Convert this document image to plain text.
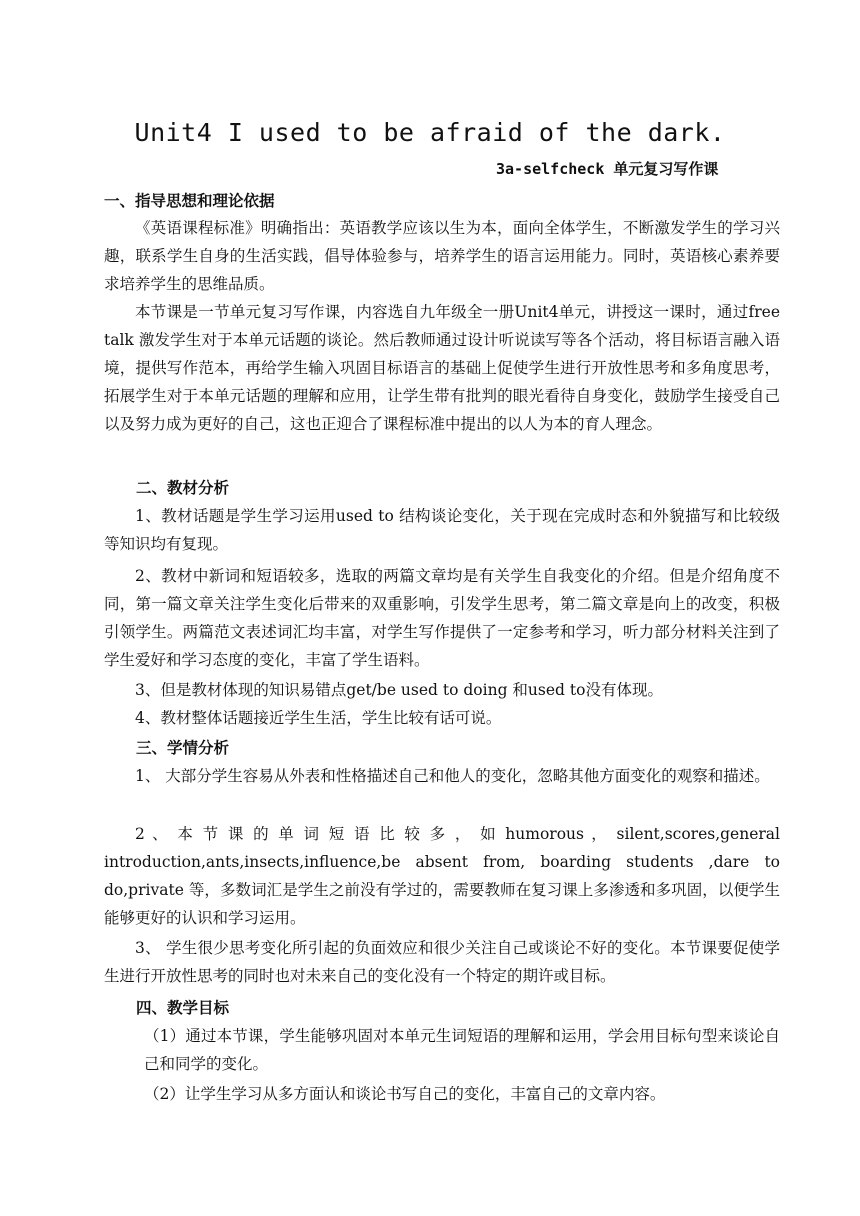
Unit4 I used to be afraid of the dark.
3a-selfcheck 单元复习写作课
一、指导思想和理论依据

《英语课程标准》明确指出：英语教学应该以生为本，面向全体学生，不断激发学生的学习兴趣，联系学生自身的生活实践，倡导体验参与，培养学生的语言运用能力。同时，英语核心素养要求培养学生的思维品质。

本节课是一节单元复习写作课，内容选自九年级全一册Unit4单元，讲授这一课时，通过free talk 激发学生对于本单元话题的谈论。然后教师通过设计听说读写等各个活动，将目标语言融入语境，提供写作范本，再给学生输入巩固目标语言的基础上促使学生进行开放性思考和多角度思考，拓展学生对于本单元话题的理解和应用，让学生带有批判的眼光看待自身变化，鼓励学生接受自己以及努力成为更好的自己，这也正迎合了课程标准中提出的以人为本的育人理念。

二、教材分析

1、教材话题是学生学习运用used to 结构谈论变化，关于现在完成时态和外貌描写和比较级等知识均有复现。

2、教材中新词和短语较多，选取的两篇文章均是有关学生自我变化的介绍。但是介绍角度不同，第一篇文章关注学生变化后带来的双重影响，引发学生思考，第二篇文章是向上的改变，积极引领学生。两篇范文表述词汇均丰富，对学生写作提供了一定参考和学习，听力部分材料关注到了学生爱好和学习态度的变化，丰富了学生语料。

3、但是教材体现的知识易错点get/be used to doing 和used to没有体现。

4、教材整体话题接近学生生活，学生比较有话可说。

三、学情分析

1、 大部分学生容易从外表和性格描述自己和他人的变化，忽略其他方面变化的观察和描述。

2 、 本 节 课 的 单 词 短 语 比 较 多 ， 如 humorous ， silent,scores,general introduction,ants,insects,influence,be absent from, boarding students ,dare to do,private 等，多数词汇是学生之前没有学过的，需要教师在复习课上多渗透和多巩固，以便学生能够更好的认识和学习运用。

3、 学生很少思考变化所引起的负面效应和很少关注自己或谈论不好的变化。本节课要促使学生进行开放性思考的同时也对未来自己的变化没有一个特定的期许或目标。

四、教学目标

（1）通过本节课，学生能够巩固对本单元生词短语的理解和运用，学会用目标句型来谈论自己和同学的变化。

（2）让学生学习从多方面认和谈论书写自己的变化，丰富自己的文章内容。
